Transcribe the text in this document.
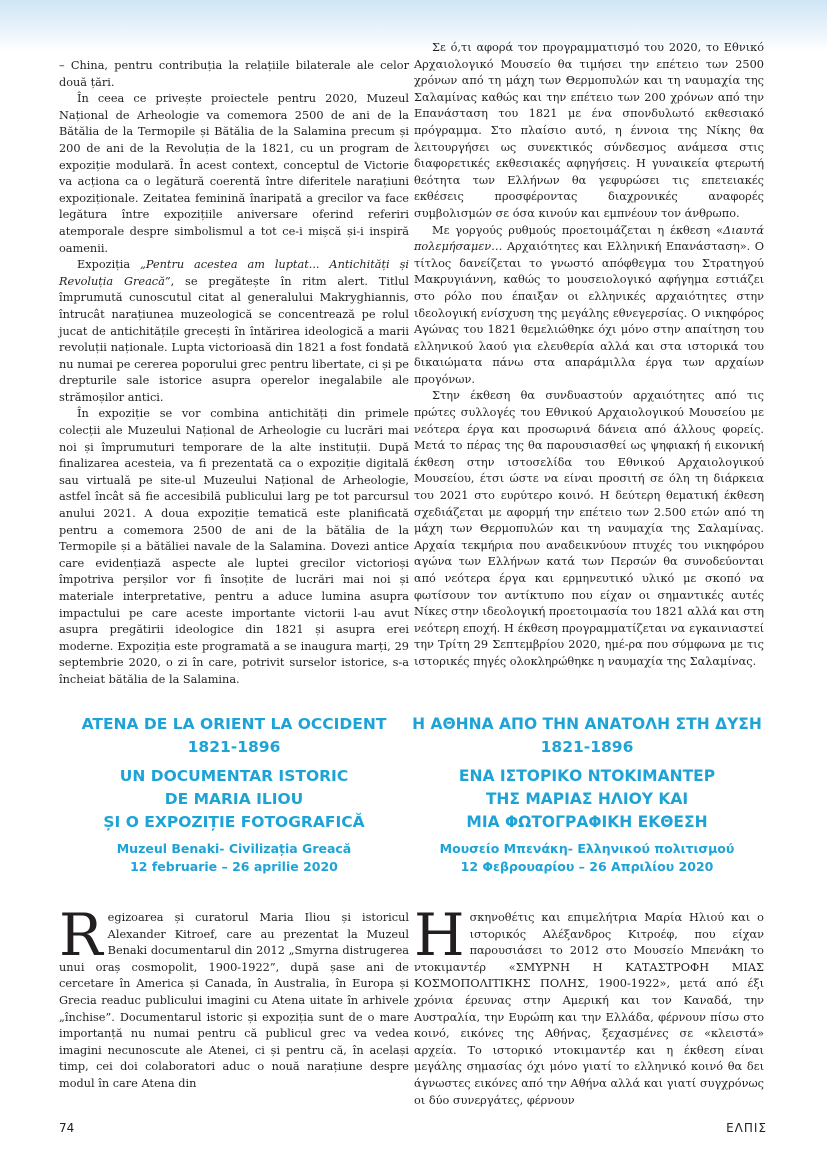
– China, pentru contribuția la relațiile bilaterale ale celor două țări.

În ceea ce privește proiectele pentru 2020, Muzeul Național de Arheologie va comemora 2500 de ani de la Bătălia de la Termopile și Bătălia de la Salamina precum și 200 de ani de la Revoluția de la 1821, cu un program de expoziție modulară. În acest context, conceptul de Victorie va acționa ca o legătură coerentă între diferitele narațiuni expoziționale. Zeitatea feminină înaripată a grecilor va face legătura între expozițiile aniversare oferind referiri atemporale despre simbolismul a tot ce-i mișcă și-i inspiră oamenii.

Expoziția „Pentru acestea am luptat... Antichități și Revoluția Greacă”, se pregătește în ritm alert. Titlul împrumută cunoscutul citat al generalului Makryghiannis, întrucât narațiunea muzeologică se concentrează pe rolul jucat de antichitățile grecești în întărirea ideologică a marii revoluții naționale. Lupta victorioasă din 1821 a fost fondată nu numai pe cererea poporului grec pentru libertate, ci și pe drepturile sale istorice asupra operelor inegalabile ale strămoșilor antici.

În expoziție se vor combina antichități din primele colecții ale Muzeului Național de Arheologie cu lucrări mai noi și împrumuturi temporare de la alte instituții. După finalizarea acesteia, va fi prezentată ca o expoziție digitală sau virtuală pe site-ul Muzeului Național de Arheologie, astfel încât să fie accesibilă publicului larg pe tot parcursul anului 2021. A doua expoziție tematică este planificată pentru a comemora 2500 de ani de la bătălia de la Termopile și a bătăliei navale de la Salamina. Dovezi antice care evidențiază aspecte ale luptei grecilor victorioși împotriva perșilor vor fi însoțite de lucrări mai noi și materiale interpretative, pentru a aduce lumina asupra impactului pe care aceste importante victorii l-au avut asupra pregătirii ideologice din 1821 și asupra erei moderne. Expoziția este programată a se inaugura marți, 29 septembrie 2020, o zi în care, potrivit surselor istorice, s-a încheiat bătălia de la Salamina.

Σε ό,τι αφορά τον προγραμματισμό του 2020, το Εθνικό Αρχαιολογικό Μουσείο θα τιμήσει την επέτειο των 2500 χρόνων από τη μάχη των Θερμοπυλών και τη ναυμαχία της Σαλαμίνας καθώς και την επέτειο των 200 χρόνων από την Επανάσταση του 1821 με ένα σπονδυλωτό εκθεσιακό πρόγραμμα. Στο πλαίσιο αυτό, η έννοια της Νίκης θα λειτουργήσει ως συνεκτικός σύνδεσμος ανάμεσα στις διαφορετικές εκθεσιακές αφηγήσεις. Η γυναικεία φτερωτή θεότητα των Ελλήνων θα γεφυρώσει τις επετειακές εκθέσεις προσφέροντας διαχρονικές αναφορές συμβολισμών σε όσα κινούν και εμπνέουν τον άνθρωπο.

Με γοργούς ρυθμούς προετοιμάζεται η έκθεση «Διαυτά πολεμήσαμεν… Αρχαιότητες και Ελληνική Επανάσταση». Ο τίτλος δανείζεται το γνωστό απόφθεγμα του Στρατηγού Μακρυγιάννη, καθώς το μουσειολογικό αφήγημα εστιάζει στο ρόλο που έπαιξαν οι ελληνικές αρχαιότητες στην ιδεολογική ενίσχυση της μεγάλης εθνεγερσίας. Ο νικηφόρος Αγώνας του 1821 θεμελιώθηκε όχι μόνο στην απαίτηση του ελληνικού λαού για ελευθερία αλλά και στα ιστορικά του δικαιώματα πάνω στα απαράμιλλα έργα των αρχαίων προγόνων.

Στην έκθεση θα συνδυαστούν αρχαιότητες από τις πρώτες συλλογές του Εθνικού Αρχαιολογικού Μουσείου με νεότερα έργα και προσωρινά δάνεια από άλλους φορείς. Μετά το πέρας της θα παρουσιασθεί ως ψηφιακή ή εικονική έκθεση στην ιστοσελίδα του Εθνικού Αρχαιολογικού Μουσείου, έτσι ώστε να είναι προσιτή σε όλη τη διάρκεια του 2021 στο ευρύτερο κοινό. Η δεύτερη θεματική έκθεση σχεδιάζεται με αφορμή την επέτειο των 2.500 ετών από τη μάχη των Θερμοπυλών και τη ναυμαχία της Σαλαμίνας. Αρχαία τεκμήρια που αναδεικνύουν πτυχές του νικηφόρου αγώνα των Ελλήνων κατά των Περσών θα συνοδεύονται από νεότερα έργα και ερμηνευτικό υλικό με σκοπό να φωτίσουν τον αντίκτυπο που είχαν οι σημαντικές αυτές Νίκες στην ιδεολογική προετοιμασία του 1821 αλλά και στη νεότερη εποχή. Η έκθεση προγραμματίζεται να εγκαινιαστεί την Τρίτη 29 Σεπτεμβρίου 2020, ημέ-ρα που σύμφωνα με τις ιστορικές πηγές ολοκληρώθηκε η ναυμαχία της Σαλαμίνας.

ATENA DE LA ORIENT LA OCCIDENT
1821-1896
UN DOCUMENTAR ISTORIC
DE MARIA ILIOU
ȘI O EXPOZIȚIE FOTOGRAFICĂ
Muzeul Benaki- Civilizația Greacă
12 februarie – 26 aprilie 2020
Η ΑΘΗΝΑ ΑΠΟ ΤΗΝ ΑΝΑΤΟΛΗ ΣΤΗ ΔΥΣΗ
1821-1896
ΕΝΑ ΙΣΤΟΡΙΚΟ ΝΤΟΚΙΜΑΝΤΕΡ
ΤΗΣ ΜΑΡΙΑΣ ΗΛΙΟΥ ΚΑΙ
ΜΙΑ ΦΩΤΟΓΡΑΦΙΚΗ ΕΚΘΕΣΗ
Μουσείο Μπενάκη- Ελληνικού πολιτισμού
12 Φεβρουαρίου – 26 Απριλίου 2020

Regizoarea și curatorul Maria Iliou și istoricul Alexander Kitroef, care au prezentat la Muzeul Benaki documentarul din 2012 „Smyrna distrugerea unui oraș cosmopolit, 1900-1922”, după șase ani de cercetare în America și Canada, în Australia, în Europa și Grecia readuc publicului imagini cu Atena uitate în arhivele „închise”. Documentarul istoric și expoziția sunt de o mare importanță nu numai pentru că publicul grec va vedea imagini necunoscute ale Atenei, ci și pentru că, în același timp, cei doi colaboratori aduc o nouă narațiune despre modul în care Atena din

Ησκηνοθέτις και επιμελήτρια Μαρία Ηλιού και ο ιστορικός Αλέξανδρος Κιτροέφ, που είχαν παρουσιάσει το 2012 στο Μουσείο Μπενάκη το ντοκιμαντέρ «ΣΜΥΡΝΗ Η ΚΑΤΑΣΤΡΟΦΗ ΜΙΑΣ ΚΟΣΜΟΠΟΛΙΤΙΚΗΣ ΠΟΛΗΣ, 1900-1922», μετά από έξι χρόνια έρευνας στην Αμερική και τον Καναδά, την Αυστραλία, την Ευρώπη και την Ελλάδα, φέρνουν πίσω στο κοινό, εικόνες της Αθήνας, ξεχασμένες σε «κλειστά» αρχεία. Το ιστορικό ντοκιμαντέρ και η έκθεση είναι μεγάλης σημασίας όχι μόνο γιατί το ελληνικό κοινό θα δει άγνωστες εικόνες από την Αθήνα αλλά και γιατί συγχρόνως οι δύο συνεργάτες, φέρνουν

74	ΕΛΠΙΣ
